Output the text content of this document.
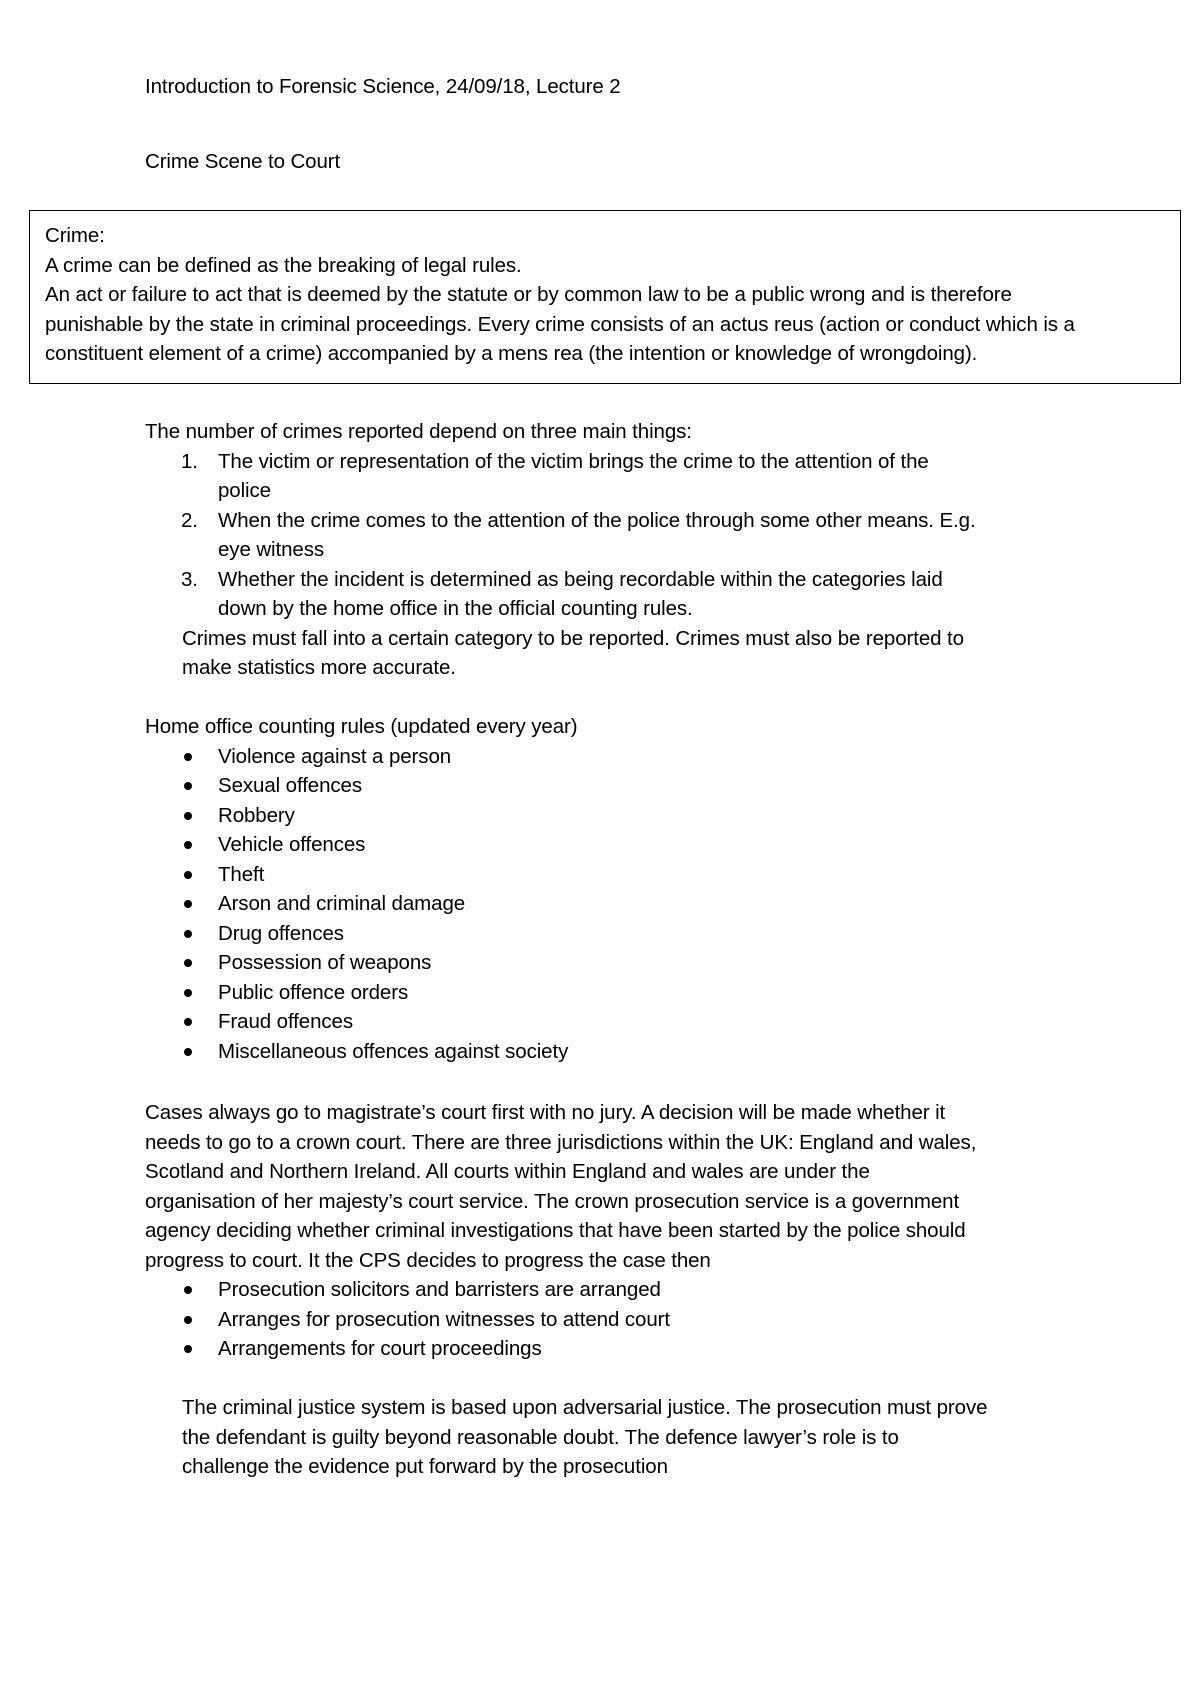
Introduction to Forensic Science, 24/09/18, Lecture 2
Crime Scene to Court
Crime:
A crime can be defined as the breaking of legal rules.
An act or failure to act that is deemed by the statute or by common law to be a public wrong and is therefore
punishable by the state in criminal proceedings. Every crime consists of an actus reus (action or conduct which is a
constituent element of a crime) accompanied by a mens rea (the intention or knowledge of wrongdoing).

The number of crimes reported depend on three main things:

1. The victim or representation of the victim brings the crime to the attention of the
police
2. When the crime comes to the attention of the police through some other means. E.g.
eye witness
3. Whether the incident is determined as being recordable within the categories laid
down by the home office in the official counting rules.

Crimes must fall into a certain category to be reported. Crimes must also be reported to

make statistics more accurate.

Home office counting rules (updated every year)

Violence against a person
Sexual offences
Robbery
Vehicle offences
Theft
Arson and criminal damage
Drug offences
Possession of weapons
Public offence orders
Fraud offences
Miscellaneous offences against society

Cases always go to magistrate’s court first with no jury. A decision will be made whether it

needs to go to a crown court. There are three jurisdictions within the UK: England and wales,

Scotland and Northern Ireland. All courts within England and wales are under the

organisation of her majesty’s court service. The crown prosecution service is a government

agency deciding whether criminal investigations that have been started by the police should

progress to court. It the CPS decides to progress the case then

Prosecution solicitors and barristers are arranged
Arranges for prosecution witnesses to attend court
Arrangements for court proceedings

The criminal justice system is based upon adversarial justice. The prosecution must prove

the defendant is guilty beyond reasonable doubt. The defence lawyer’s role is to

challenge the evidence put forward by the prosecution
